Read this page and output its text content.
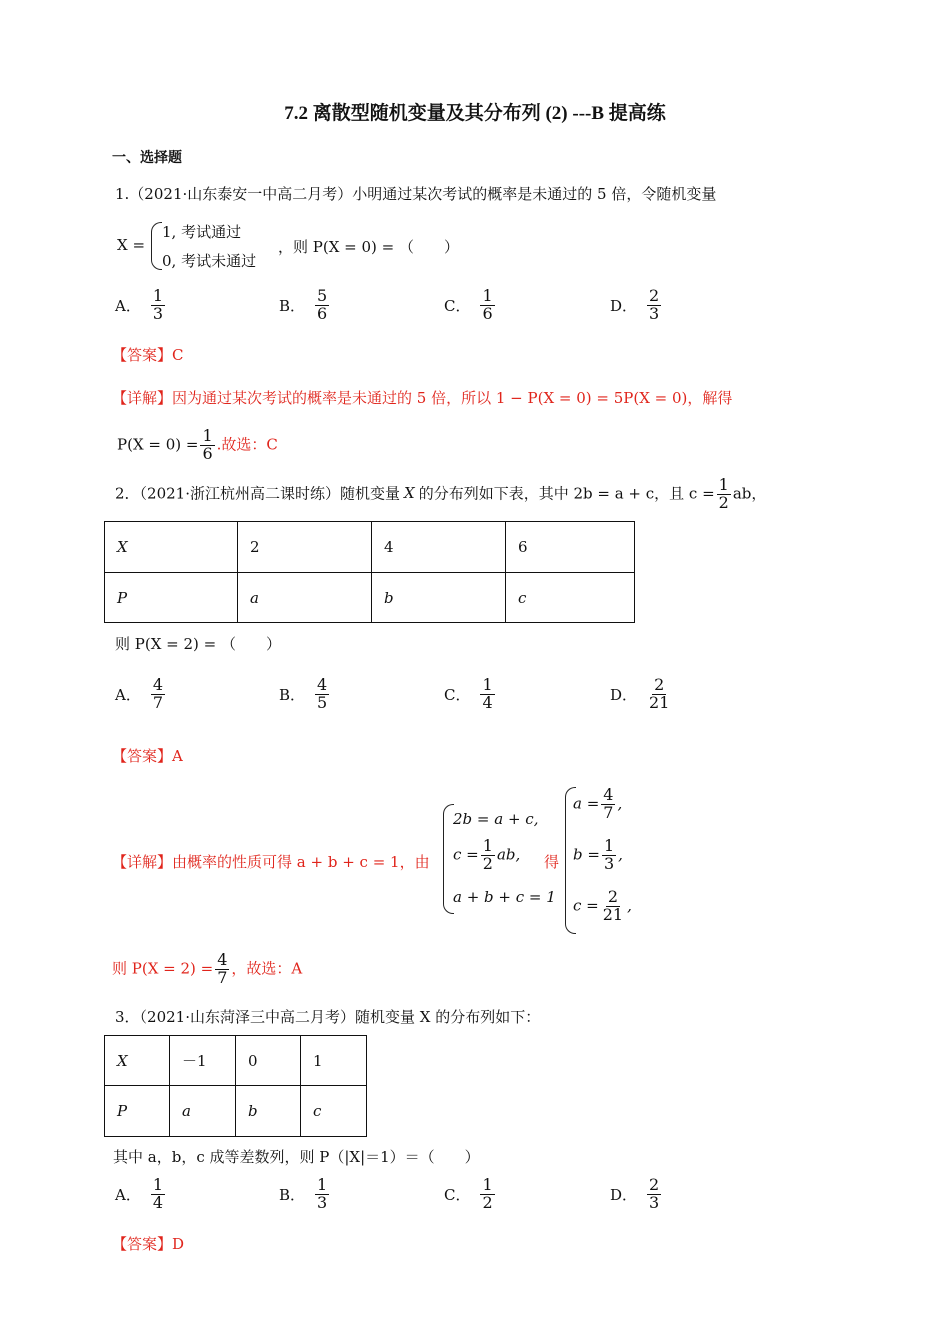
7.2 离散型随机变量及其分布列 (2) ---B 提高练
一、选择题
1.（2021·山东泰安一中高二月考）小明通过某次考试的概率是未通过的 5 倍，令随机变量
X =
1, 考试通过
0, 考试未通过
，则 P(X = 0) = （　　）
A． $\frac{1}{3}$	B． $\frac{5}{6}$	C． $\frac{1}{6}$	D． $\frac{2}{3}$
【答案】C
【详解】因为通过某次考试的概率是未通过的 5 倍，所以 1 − P(X = 0) = 5P(X = 0)，解得
$P(X = 0) = \frac{1}{6}$ .故选：C
2．（2021·浙江杭州高二课时练）随机变量 X 的分布列如下表，其中 2b = a + c，且 $c = \frac{1}{2}$ ab，
X	2	4	6
P	a	b	c
则 P(X = 2) = （　　）
A． $\frac{4}{7}$	B． $\frac{4}{5}$	C． $\frac{1}{4}$	D． $\frac{2}{21}$
【答案】A
【详解】由概率的性质可得 a + b + c = 1，由
2b = a + c,
$c = \frac{1}{2}$ ab,
a + b + c = 1
得
$a = \frac{4}{7}$ ,
$b = \frac{1}{3}$ ,
$c = \frac{2}{21}$ ,
则 $P(X = 2) = \frac{4}{7}$ ，故选：A
3．（2021·山东菏泽三中高二月考）随机变量 X 的分布列如下：
X	－1	0	1
P	a	b	c
其中 a，b，c 成等差数列，则 P（|X|＝1）＝（　　）
A． $\frac{1}{4}$	B． $\frac{1}{3}$	C． $\frac{1}{2}$	D． $\frac{2}{3}$
【答案】D
